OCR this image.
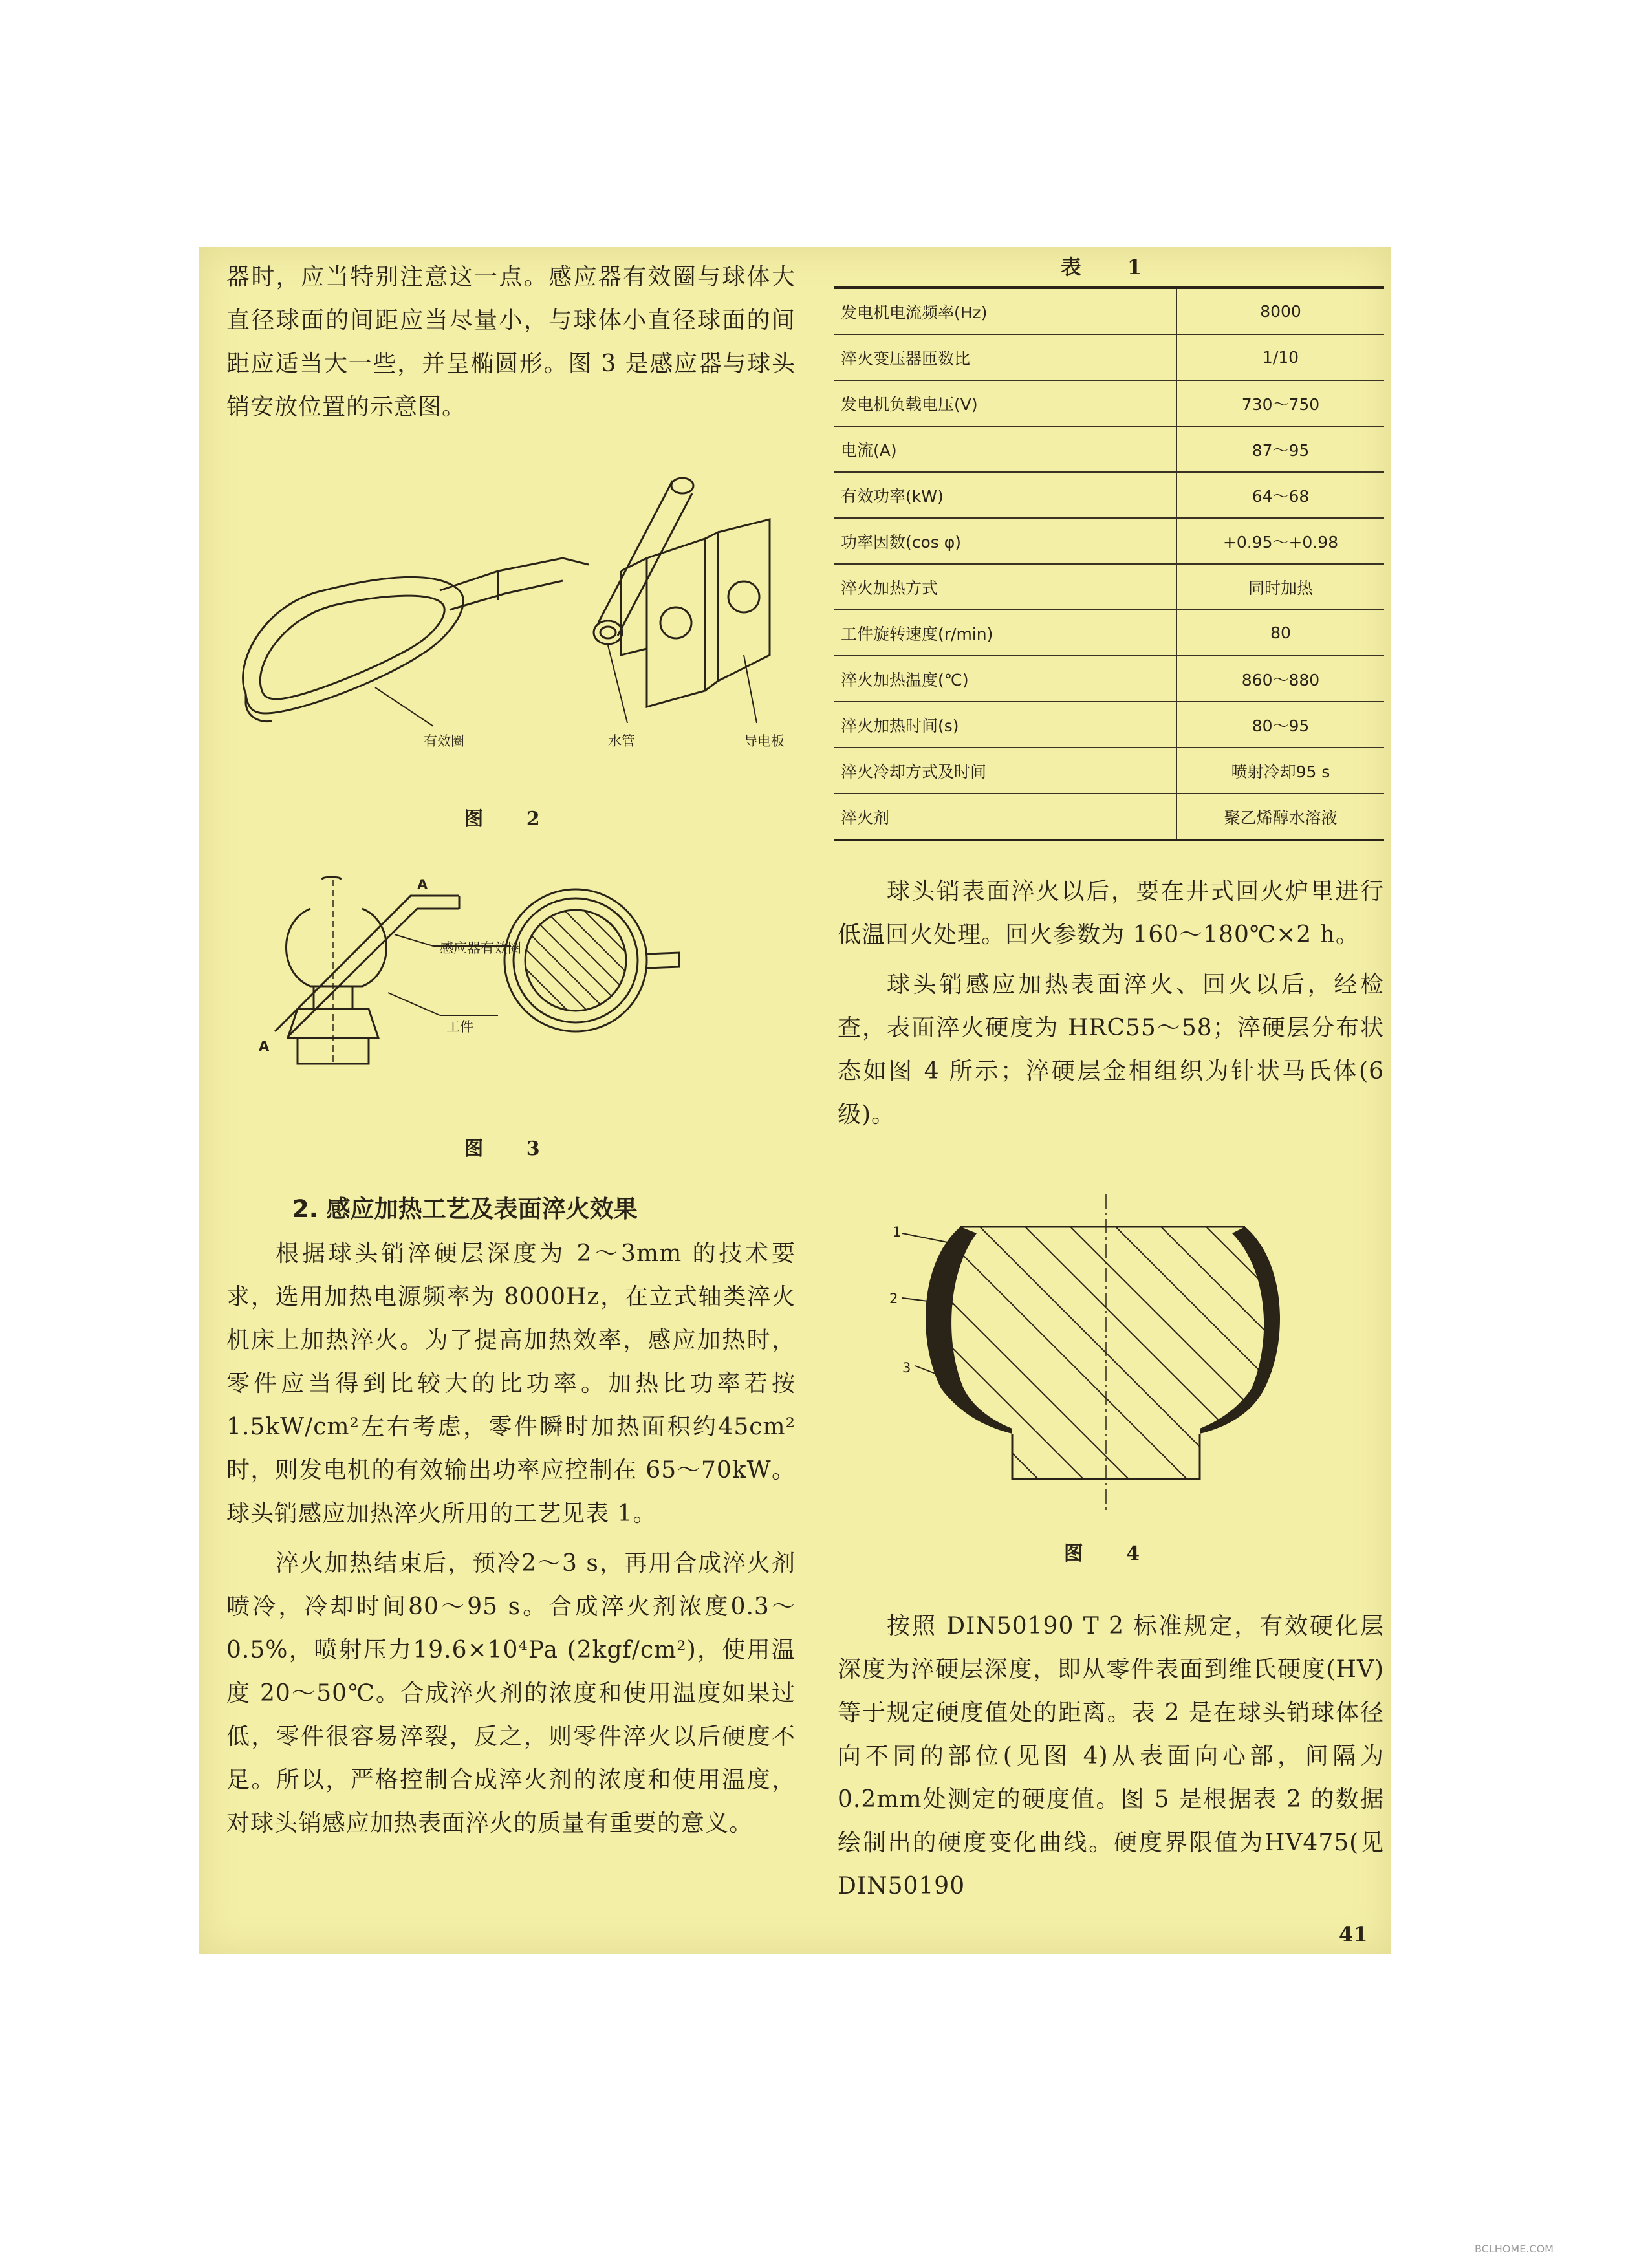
器时，应当特别注意这一点。感应器有效圈与球体大直径球面的间距应当尽量小，与球体小直径球面的间距应适当大一些，并呈椭圆形。图 3 是感应器与球头销安放位置的示意图。

有效圈	水管	导电板

图 2

A
A
感应器有效圈
工件

图 3

2. 感应加热工艺及表面淬火效果

根据球头销淬硬层深度为 2～3mm 的技术要求，选用加热电源频率为 8000Hz，在立式轴类淬火机床上加热淬火。为了提高加热效率，感应加热时，零件应当得到比较大的比功率。加热比功率若按1.5kW/cm²左右考虑，零件瞬时加热面积约45cm²时，则发电机的有效输出功率应控制在 65～70kW。球头销感应加热淬火所用的工艺见表 1。

淬火加热结束后，预冷2～3 s，再用合成淬火剂喷冷，冷却时间80～95 s。合成淬火剂浓度0.3～0.5%，喷射压力19.6×10⁴Pa (2kgf/cm²)，使用温度 20～50℃。合成淬火剂的浓度和使用温度如果过低，零件很容易淬裂，反之，则零件淬火以后硬度不足。所以，严格控制合成淬火剂的浓度和使用温度，对球头销感应加热表面淬火的质量有重要的意义。

表 1

发电机电流频率(Hz)	8000
淬火变压器匝数比	1/10
发电机负载电压(V)	730～750
电流(A)	87～95
有效功率(kW)	64～68
功率因数(cos φ)	+0.95～+0.98
淬火加热方式	同时加热
工件旋转速度(r/min)	80
淬火加热温度(℃)	860～880
淬火加热时间(s)	80～95
淬火冷却方式及时间	喷射冷却95 s
淬火剂	聚乙烯醇水溶液

球头销表面淬火以后，要在井式回火炉里进行低温回火处理。回火参数为 160～180℃×2 h。

球头销感应加热表面淬火、回火以后，经检查，表面淬火硬度为 HRC55～58；淬硬层分布状态如图 4 所示；淬硬层金相组织为针状马氏体(6级)。

1
2
3

图 4

按照 DIN50190 T 2 标准规定，有效硬化层深度为淬硬层深度，即从零件表面到维氏硬度(HV)等于规定硬度值处的距离。表 2 是在球头销球体径向不同的部位(见图 4)从表面向心部，间隔为0.2mm处测定的硬度值。图 5 是根据表 2 的数据绘制出的硬度变化曲线。硬度界限值为HV475(见DIN50190

41

BCLHOME.COM
